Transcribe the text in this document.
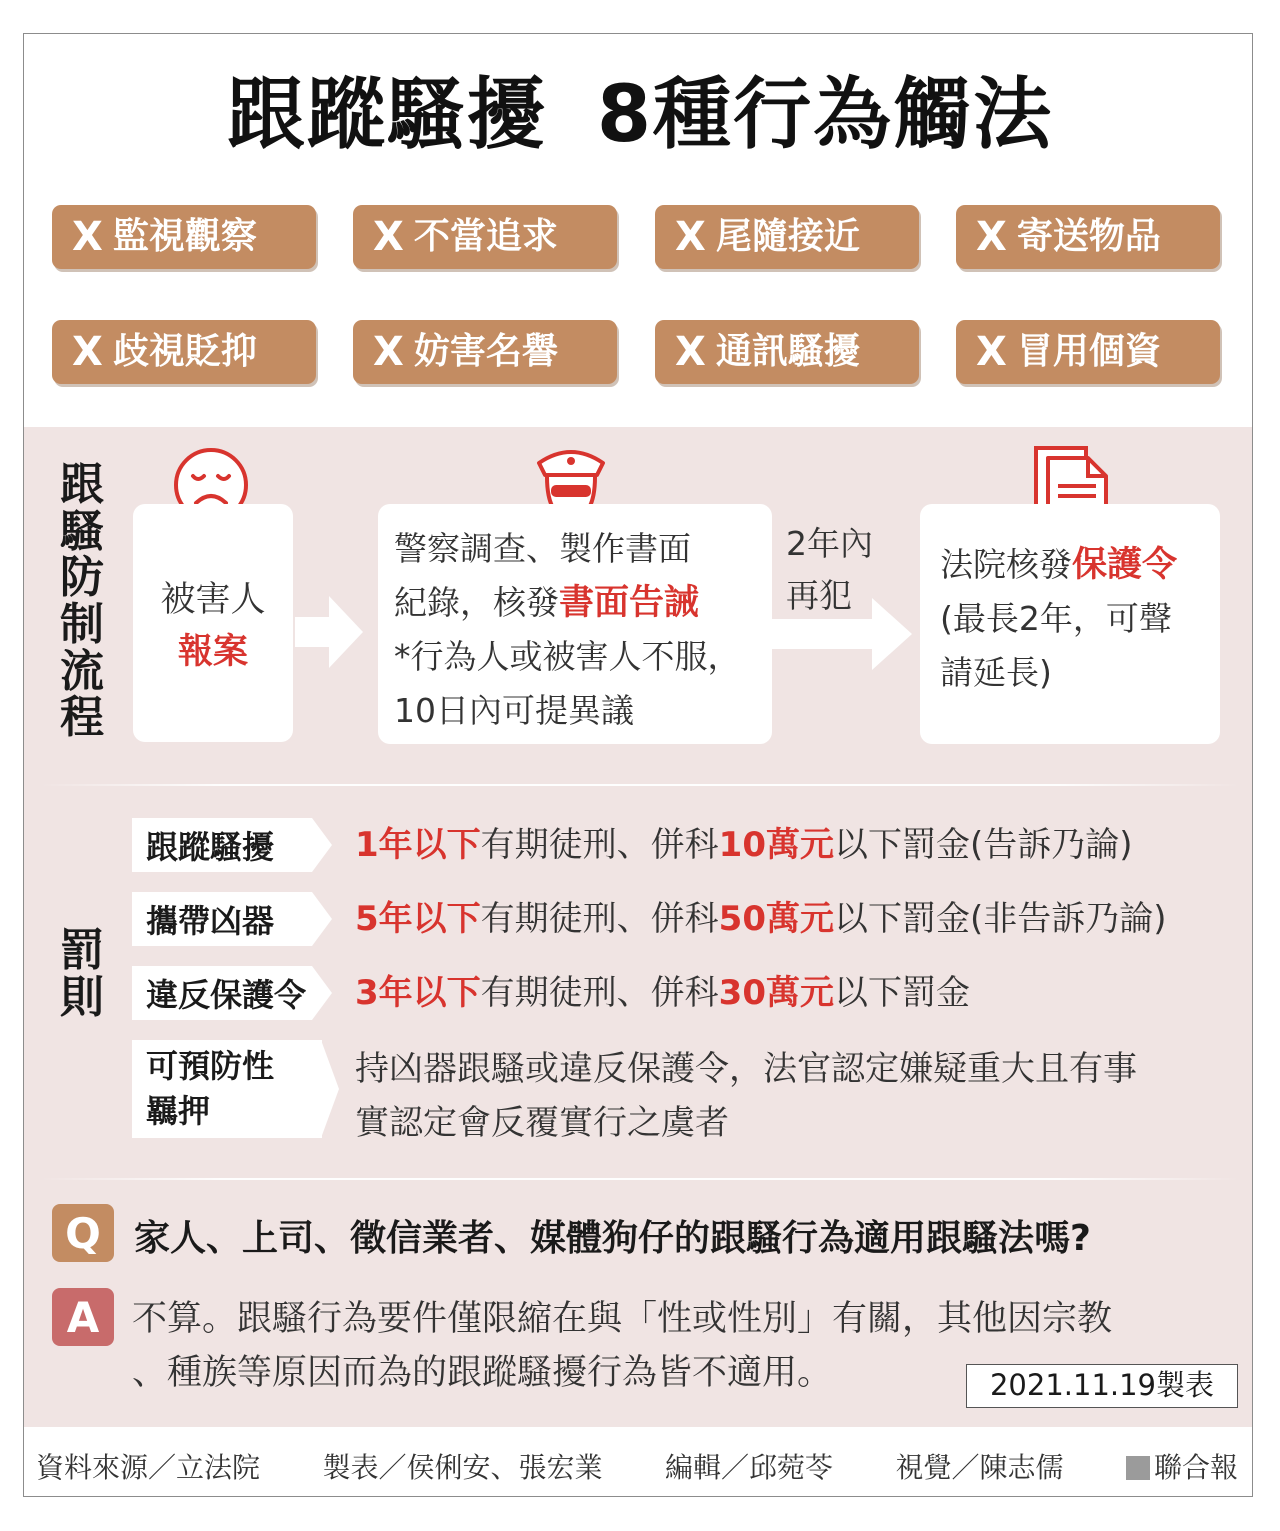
跟蹤騷擾 8種行為觸法
X 監視觀察	X 不當追求	X 尾隨接近	X 寄送物品
X 歧視貶抑	X 妨害名譽	X 通訊騷擾	X 冒用個資
跟騷防制流程
被害人
報案
警察調查、製作書面
紀錄，核發書面告誡
*行為人或被害人不服，
10日內可提異議
2年內
再犯
法院核發保護令
(最長2年，可聲
請延長)
罰則
跟蹤騷擾	1年以下有期徒刑、併科10萬元以下罰金(告訴乃論)
攜帶凶器	5年以下有期徒刑、併科50萬元以下罰金(非告訴乃論)
違反保護令 3年以下有期徒刑、併科30萬元以下罰金
可預防性
羈押
持凶器跟騷或違反保護令，法官認定嫌疑重大且有事
實認定會反覆實行之虞者
Q 家人、上司、徵信業者、媒體狗仔的跟騷行為適用跟騷法嗎?
A 不算。跟騷行為要件僅限縮在與「性或性別」有關，其他因宗教
、種族等原因而為的跟蹤騷擾行為皆不適用。	2021.11.19製表
資料來源／立法院 製表／侯俐安、張宏業 編輯／邱菀苓 視覺／陳志儒	聯合報
